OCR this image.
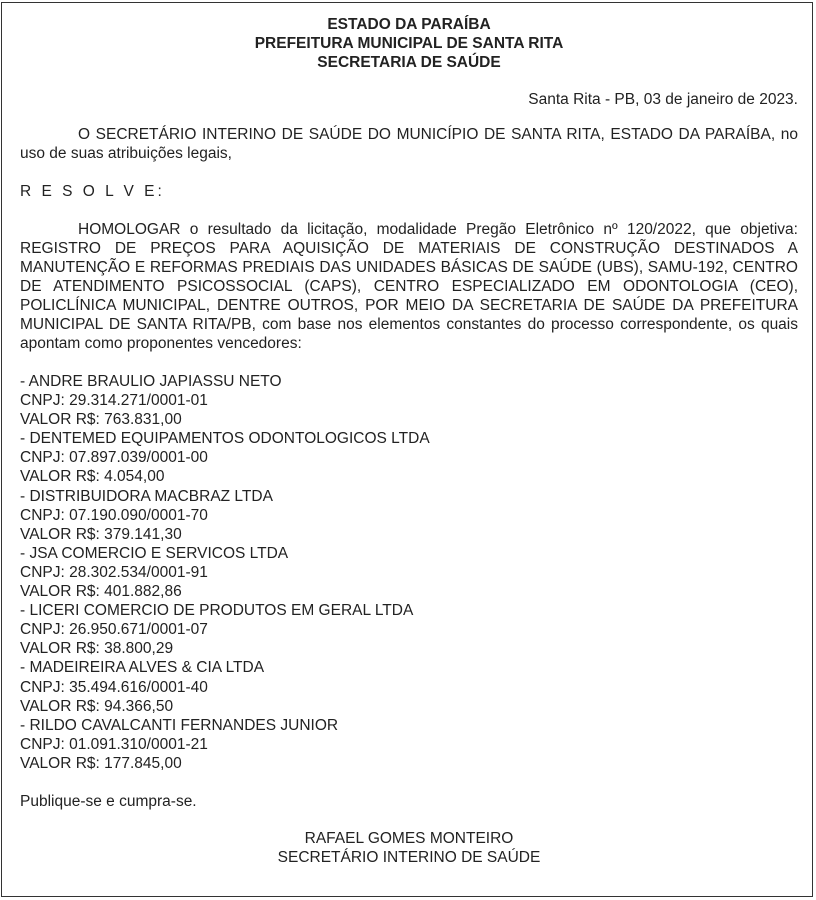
ESTADO DA PARAÍBA
PREFEITURA MUNICIPAL DE SANTA RITA
SECRETARIA DE SAÚDE
Santa Rita - PB, 03 de janeiro de 2023.

O SECRETÁRIO INTERINO DE SAÚDE DO MUNICÍPIO DE SANTA RITA, ESTADO DA PARAÍBA, no uso de suas atribuições legais,

R E S O L V E:

HOMOLOGAR o resultado da licitação, modalidade Pregão Eletrônico nº 120/2022, que objetiva: REGISTRO DE PREÇOS PARA AQUISIÇÃO DE MATERIAIS DE CONSTRUÇÃO DESTINADOS A MANUTENÇÃO E REFORMAS PREDIAIS DAS UNIDADES BÁSICAS DE SAÚDE (UBS), SAMU-192, CENTRO DE ATENDIMENTO PSICOSSOCIAL (CAPS), CENTRO ESPECIALIZADO EM ODONTOLOGIA (CEO), POLICLÍNICA MUNICIPAL, DENTRE OUTROS, POR MEIO DA SECRETARIA DE SAÚDE DA PREFEITURA MUNICIPAL DE SANTA RITA/PB, com base nos elementos constantes do processo correspondente, os quais apontam como proponentes vencedores:

- ANDRE BRAULIO JAPIASSU NETO
CNPJ: 29.314.271/0001-01
VALOR R$: 763.831,00
- DENTEMED EQUIPAMENTOS ODONTOLOGICOS LTDA
CNPJ: 07.897.039/0001-00
VALOR R$: 4.054,00
- DISTRIBUIDORA MACBRAZ LTDA
CNPJ: 07.190.090/0001-70
VALOR R$: 379.141,30
- JSA COMERCIO E SERVICOS LTDA
CNPJ: 28.302.534/0001-91
VALOR R$: 401.882,86
- LICERI COMERCIO DE PRODUTOS EM GERAL LTDA
CNPJ: 26.950.671/0001-07
VALOR R$: 38.800,29
- MADEIREIRA ALVES & CIA LTDA
CNPJ: 35.494.616/0001-40
VALOR R$: 94.366,50
- RILDO CAVALCANTI FERNANDES JUNIOR
CNPJ: 01.091.310/0001-21
VALOR R$: 177.845,00

Publique-se e cumpra-se.

RAFAEL GOMES MONTEIRO
SECRETÁRIO INTERINO DE SAÚDE
